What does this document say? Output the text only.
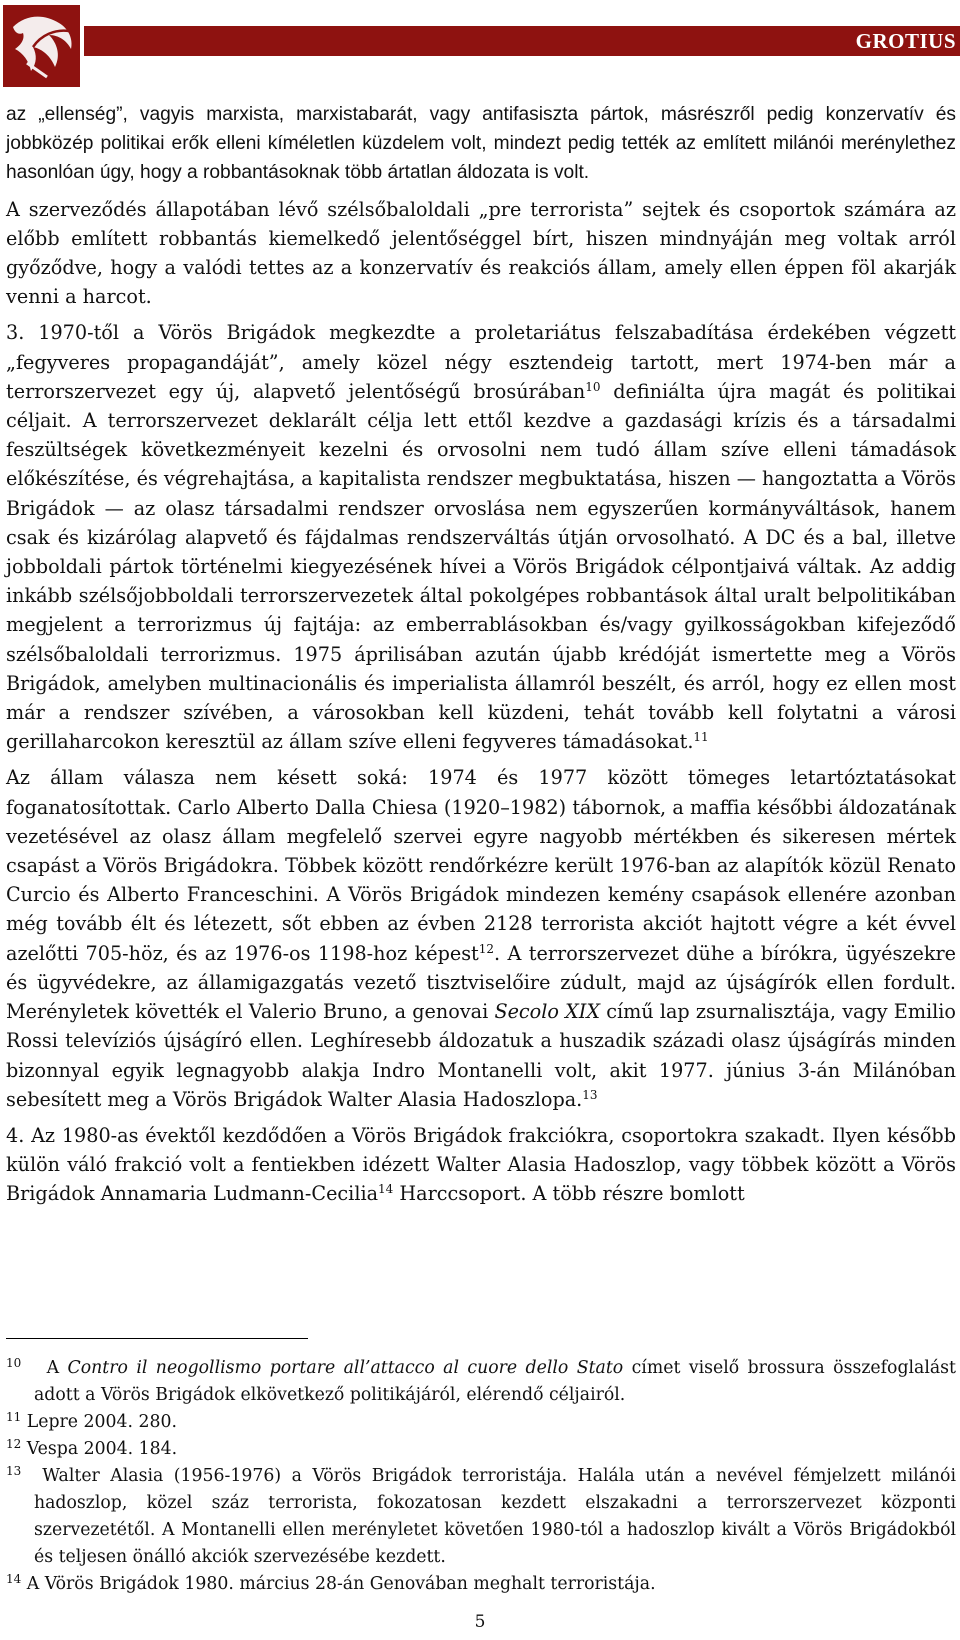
GROTIUS

az „ellenség”, vagyis marxista, marxistabarát, vagy antifasiszta pártok, másrészről pedig konzervatív és jobbközép politikai erők elleni kíméletlen küzdelem volt, mindezt pedig tették az említett milánói merénylethez hasonlóan úgy, hogy a robbantásoknak több ártatlan áldozata is volt.

A szerveződés állapotában lévő szélsőbaloldali „pre terrorista” sejtek és csoportok számára az előbb említett robbantás kiemelkedő jelentőséggel bírt, hiszen mindnyáján meg voltak arról győződve, hogy a valódi tettes az a konzervatív és reakciós állam, amely ellen éppen föl akarják venni a harcot.

3. 1970-től a Vörös Brigádok megkezdte a proletariátus felszabadítása érdekében végzett „fegyveres propagandáját”, amely közel négy esztendeig tartott, mert 1974-ben már a terrorszervezet egy új, alapvető jelentőségű brosúrában$^{10}$ definiálta újra magát és politikai céljait. A terrorszervezet deklarált célja lett ettől kezdve a gazdasági krízis és a társadalmi feszültségek következményeit kezelni és orvosolni nem tudó állam szíve elleni támadások előkészítése, és végrehajtása, a kapitalista rendszer megbuktatása, hiszen — hangoztatta a Vörös Brigádok — az olasz társadalmi rendszer orvoslása nem egyszerűen kormányváltások, hanem csak és kizárólag alapvető és fájdalmas rendszerváltás útján orvosolható. A DC és a bal, illetve jobboldali pártok történelmi kiegyezésének hívei a Vörös Brigádok célpontjaivá váltak. Az addig inkább szélsőjobboldali terrorszervezetek által pokolgépes robbantások által uralt belpolitikában megjelent a terrorizmus új fajtája: az emberrablásokban és/vagy gyilkosságokban kifejeződő szélsőbaloldali terrorizmus. 1975 áprilisában azután újabb krédóját ismertette meg a Vörös Brigádok, amelyben multinacionális és imperialista államról beszélt, és arról, hogy ez ellen most már a rendszer szívében, a városokban kell küzdeni, tehát tovább kell folytatni a városi gerillaharcokon keresztül az állam szíve elleni fegyveres támadásokat.$^{11}$

Az állam válasza nem késett soká: 1974 és 1977 között tömeges letartóztatásokat foganatosítottak. Carlo Alberto Dalla Chiesa (1920–1982) tábornok, a maffia későbbi áldozatának vezetésével az olasz állam megfelelő szervei egyre nagyobb mértékben és sikeresen mértek csapást a Vörös Brigádokra. Többek között rendőrkézre került 1976-ban az alapítók közül Renato Curcio és Alberto Franceschini. A Vörös Brigádok mindezen kemény csapások ellenére azonban még tovább élt és létezett, sőt ebben az évben 2128 terrorista akciót hajtott végre a két évvel azelőtti 705-höz, és az 1976-os 1198-hoz képest$^{12}$. A terrorszervezet dühe a bírókra, ügyészekre és ügyvédekre, az államigazgatás vezető tisztviselőire zúdult, majd az újságírók ellen fordult. Merényletek követték el Valerio Bruno, a genovai Secolo XIX című lap zsurnalisztája, vagy Emilio Rossi televíziós újságíró ellen. Leghíresebb áldozatuk a huszadik századi olasz újságírás minden bizonnyal egyik legnagyobb alakja Indro Montanelli volt, akit 1977. június 3-án Milánóban sebesített meg a Vörös Brigádok Walter Alasia Hadoszlopa.$^{13}$

4. Az 1980-as évektől kezdődően a Vörös Brigádok frakciókra, csoportokra szakadt. Ilyen később külön váló frakció volt a fentiekben idézett Walter Alasia Hadoszlop, vagy többek között a Vörös Brigádok Annamaria Ludmann-Cecilia$^{14}$ Harccsoport. A több részre bomlott

$^{10}$ A Contro il neogollismo portare all’attacco al cuore dello Stato címet viselő brossura összefoglalást adott a Vörös Brigádok elkövetkező politikájáról, elérendő céljairól.
$^{11}$ Lepre 2004. 280.
$^{12}$ Vespa 2004. 184.
$^{13}$ Walter Alasia (1956-1976) a Vörös Brigádok terroristája. Halála után a nevével fémjelzett milánói hadoszlop, közel száz terrorista, fokozatosan kezdett elszakadni a terrorszervezet központi szervezetétől. A Montanelli ellen merényletet követően 1980-tól a hadoszlop kivált a Vörös Brigádokból és teljesen önálló akciók szervezésébe kezdett.
$^{14}$ A Vörös Brigádok 1980. március 28-án Genovában meghalt terroristája.
5
